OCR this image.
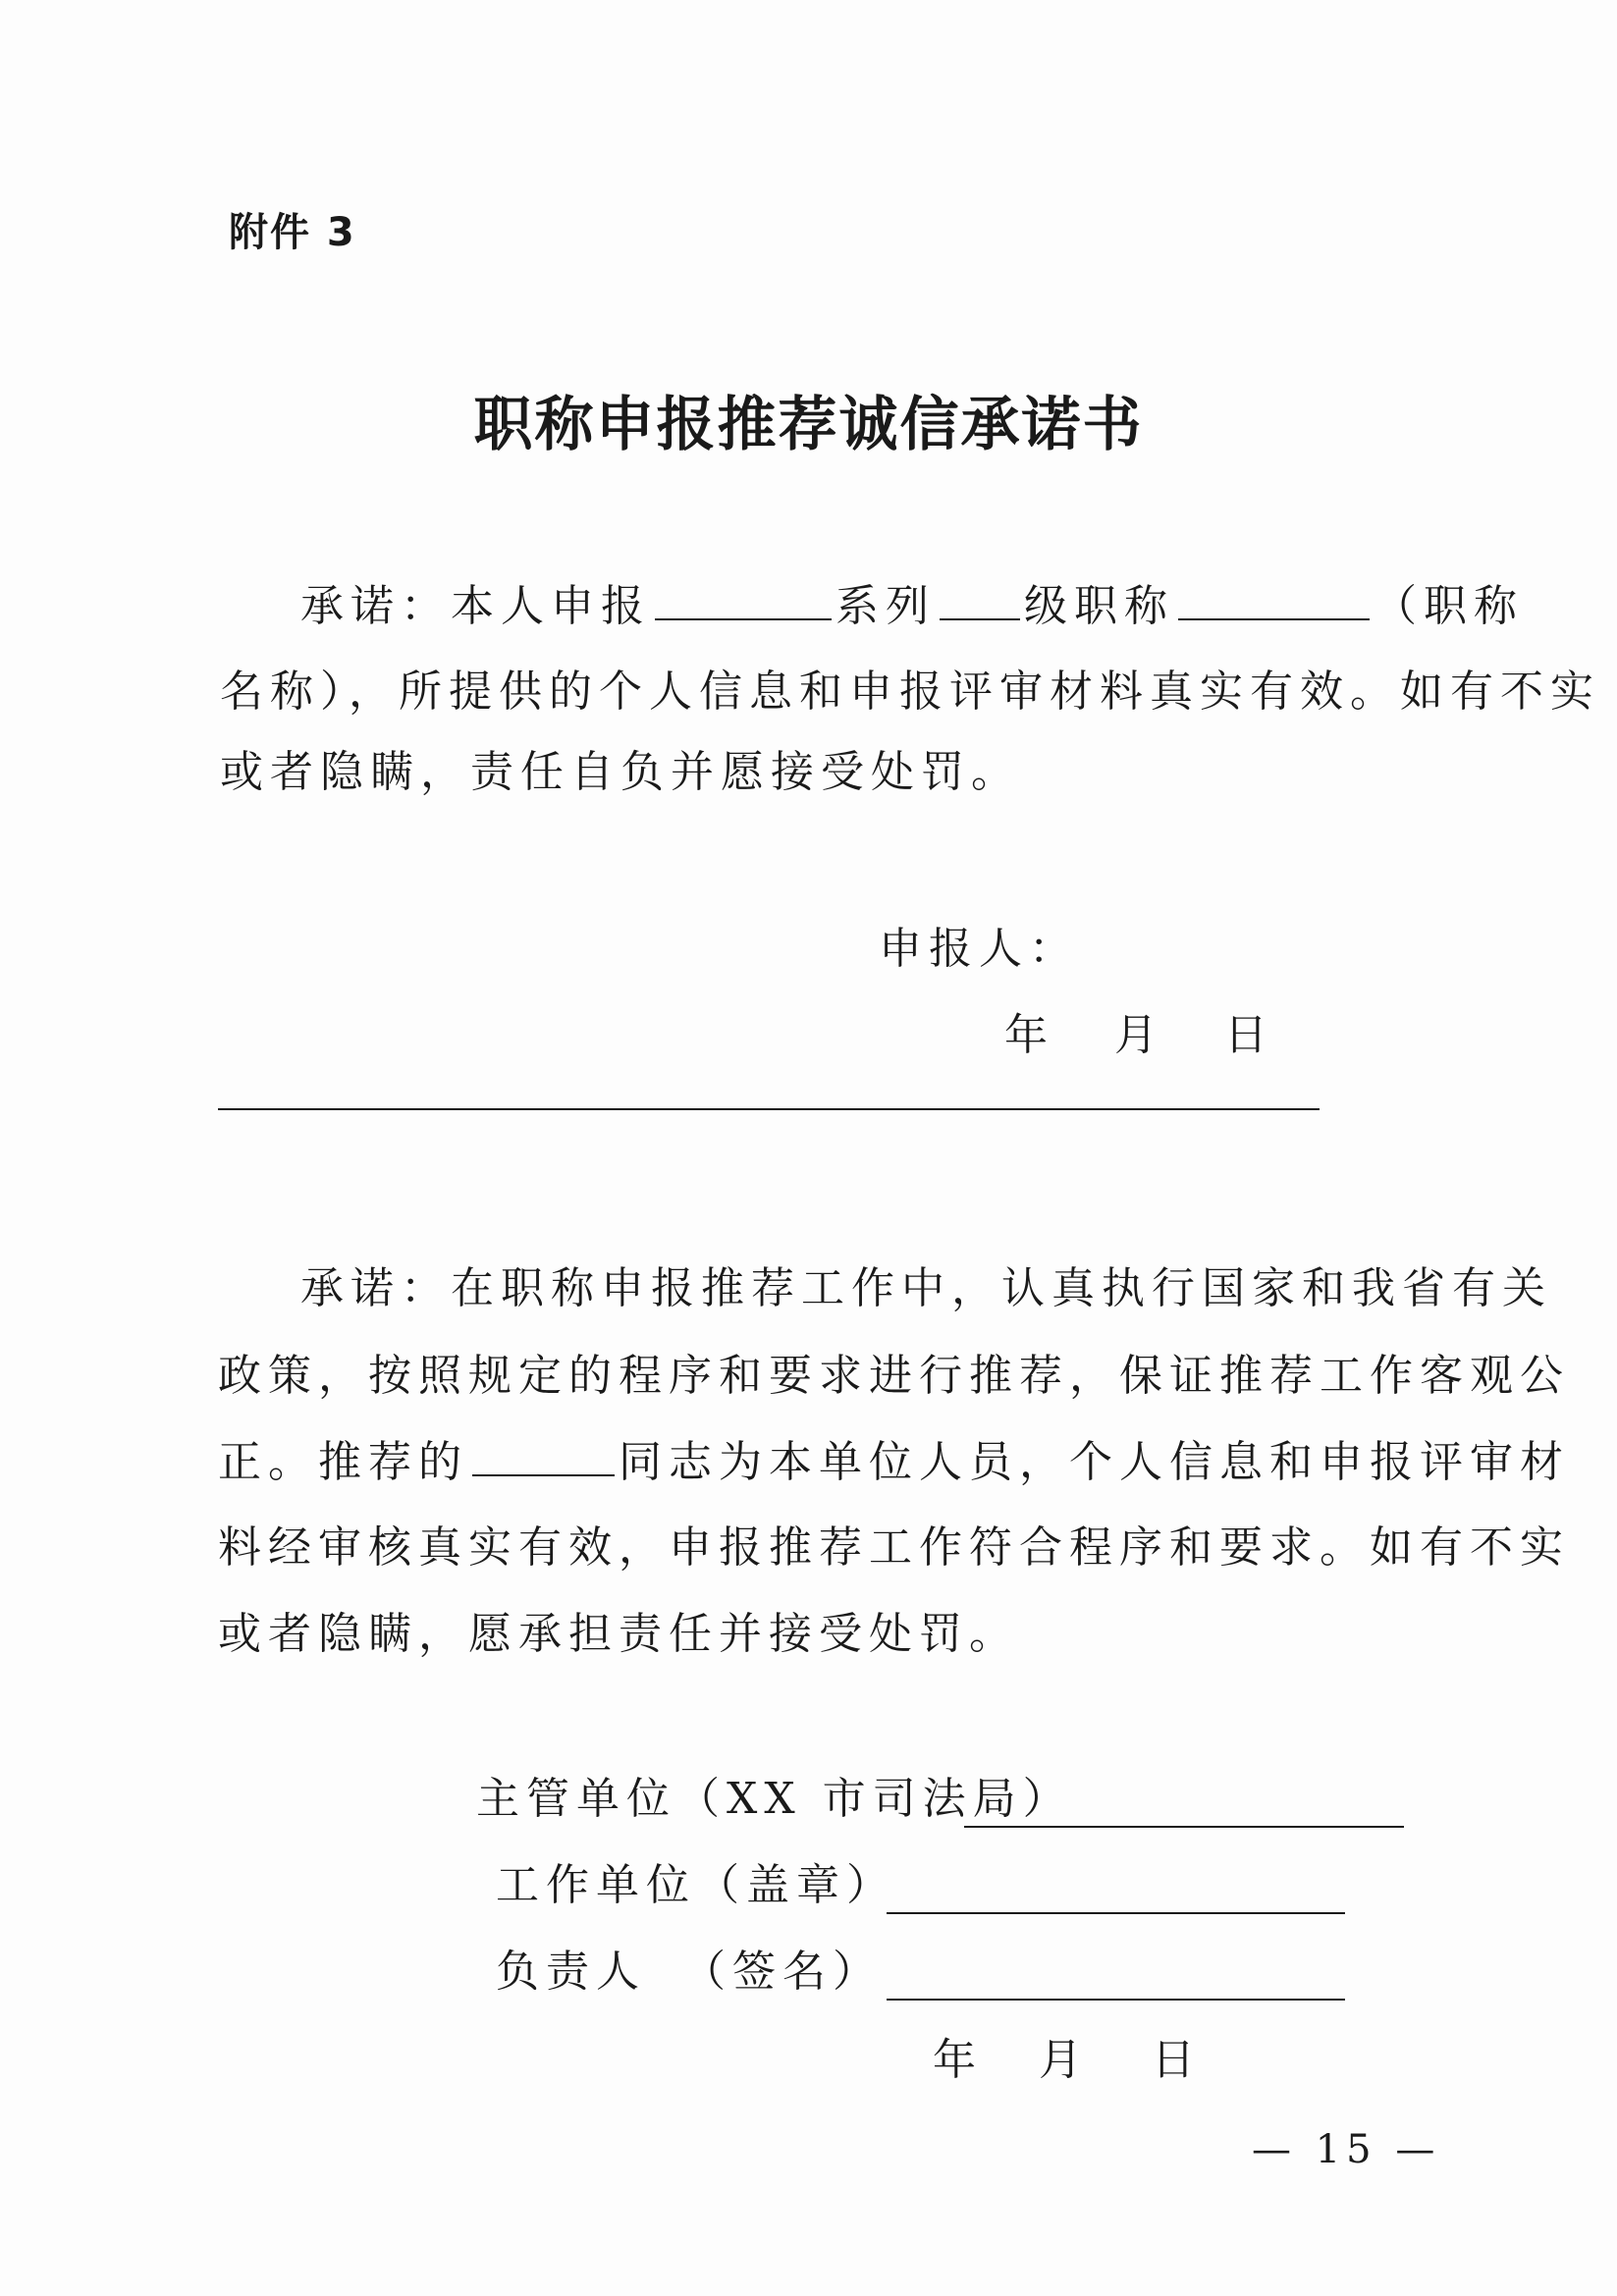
附件 3
职称申报推荐诚信承诺书
承诺：本人申报	系列 级职称	（职称
名称），所提供的个人信息和申报评审材料真实有效。如有不实
或者隐瞒，责任自负并愿接受处罚。
申报人：
年 月 日
承诺：在职称申报推荐工作中，认真执行国家和我省有关
政策，按照规定的程序和要求进行推荐，保证推荐工作客观公
正。推荐的	同志为本单位人员，个人信息和申报评审材
料经审核真实有效，申报推荐工作符合程序和要求。如有不实
或者隐瞒，愿承担责任并接受处罚。
主管单位（XX 市司法局）
工作单位（盖章）
负责人 （签名）
年 月 日
— 15 —
